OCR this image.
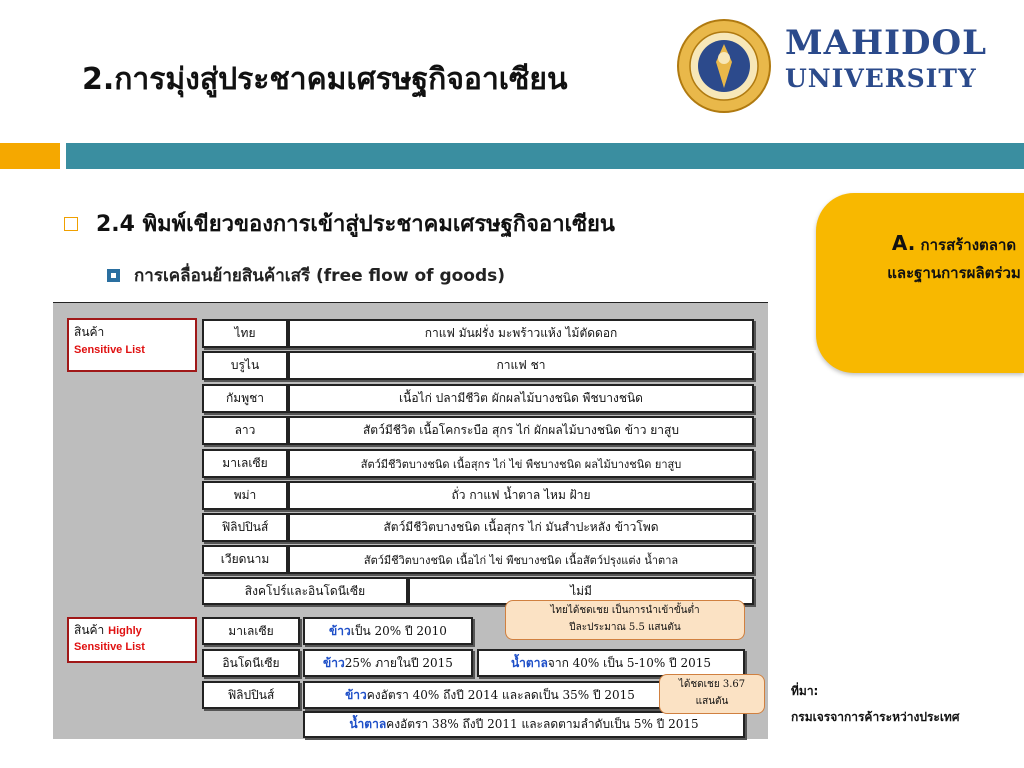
2.การมุ่งสู่ประชาคมเศรษฐกิจอาเซียน
MAHIDOL
UNIVERSITY
2.4 พิมพ์เขียวของการเข้าสู่ประชาคมเศรษฐกิจอาเซียน
การเคลื่อนย้ายสินค้าเสรี (free flow of goods)
A. การสร้างตลาดและฐานการผลิตร่วม
สินค้า
Sensitive List
ไทย	กาแฟ มันฝรั่ง มะพร้าวแห้ง ไม้ตัดดอก
บรูไน	กาแฟ ชา
กัมพูชา	เนื้อไก่ ปลามีชีวิต ผักผลไม้บางชนิด พืชบางชนิด
ลาว	สัตว์มีชีวิต เนื้อโคกระบือ สุกร ไก่ ผักผลไม้บางชนิด ข้าว ยาสูบ
มาเลเซีย	สัตว์มีชีวิตบางชนิด เนื้อสุกร ไก่ ไข่ พืชบางชนิด ผลไม้บางชนิด ยาสูบ
พม่า	ถั่ว กาแฟ น้ำตาล ไหม ฝ้าย
ฟิลิปปินส์	สัตว์มีชีวิตบางชนิด เนื้อสุกร ไก่ มันสำปะหลัง ข้าวโพด
เวียดนาม	สัตว์มีชีวิตบางชนิด เนื้อไก่ ไข่ พืชบางชนิด เนื้อสัตว์ปรุงแต่ง น้ำตาล
สิงคโปร์และอินโดนีเซีย	ไม่มี
สินค้า Highly
Sensitive List
มาเลเซีย	ข้าว เป็น 20% ปี 2010
อินโดนีเซีย	ข้าว 25% ภายในปี 2015	น้ำตาล จาก 40% เป็น 5-10% ปี 2015
ฟิลิปปินส์	ข้าว คงอัตรา 40% ถึงปี 2014 และลดเป็น 35% ปี 2015
น้ำตาล คงอัตรา 38% ถึงปี 2011 และลดตามลำดับเป็น 5% ปี 2015
ไทยได้ชดเชย เป็นการนำเข้าขั้นต่ำ
ปีละประมาณ 5.5 แสนตัน
ได้ชดเชย 3.67
แสนตัน
ที่มา:
กรมเจรจาการค้าระหว่างประเทศ
